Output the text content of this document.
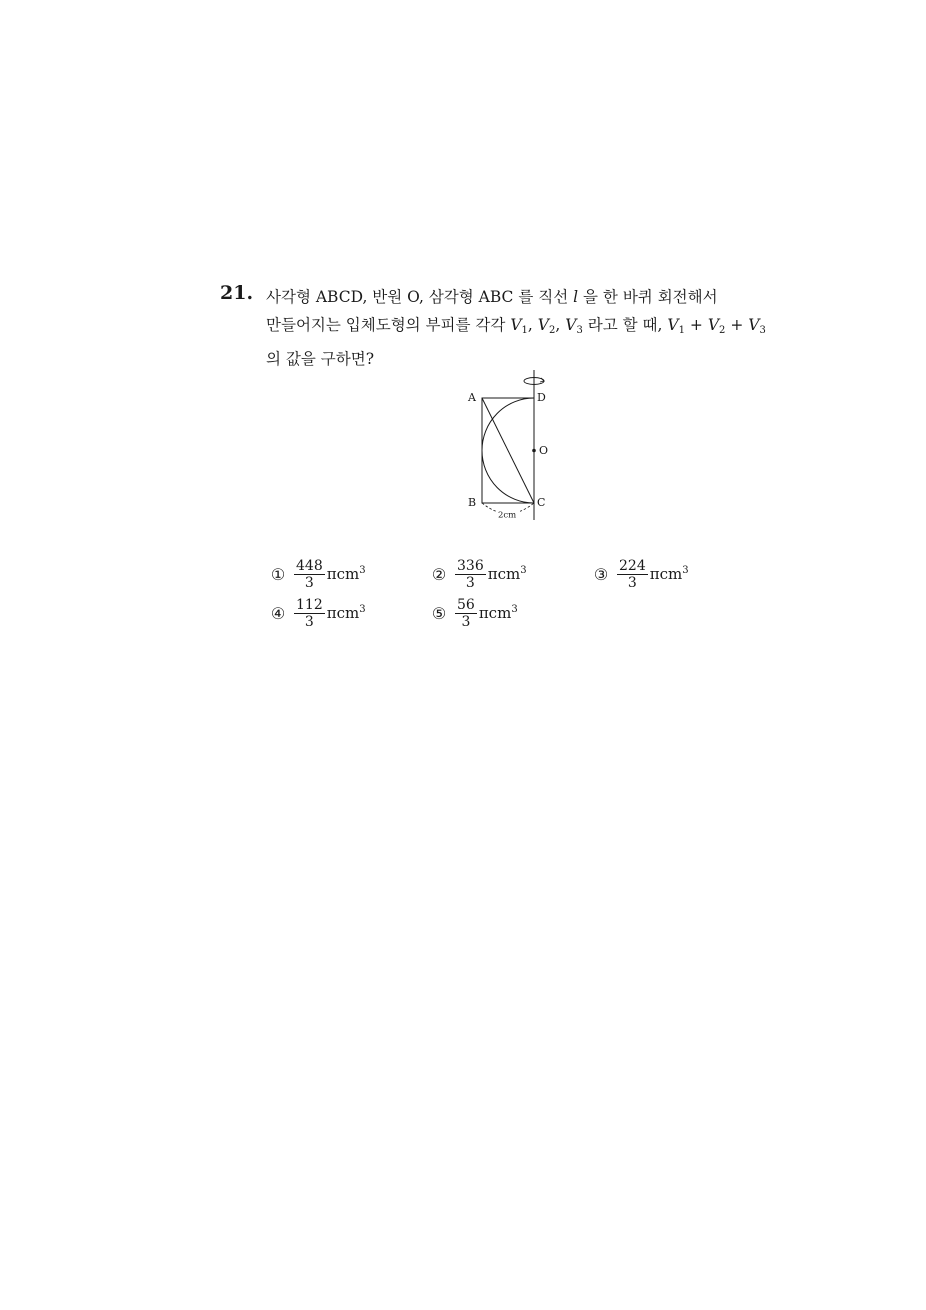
21. 사각형 ABCD, 반원 O, 삼각형 ABC 를 직선 l 을 한 바퀴 회전해서
만들어지는 입체도형의 부피를 각각 $V_1$, $V_2$, $V_3$ 라고 할 때, $V_1 + V_2 + V_3$
의 값을 구하면?
A	D
O
B	C
2cm
① $\frac{448}{3} \pi cm^3$	② $\frac{336}{3} \pi cm^3$	③ $\frac{224}{3} \pi cm^3$
④ $\frac{112}{3} \pi cm^3$	⑤ $\frac{56}{3} \pi cm^3$
